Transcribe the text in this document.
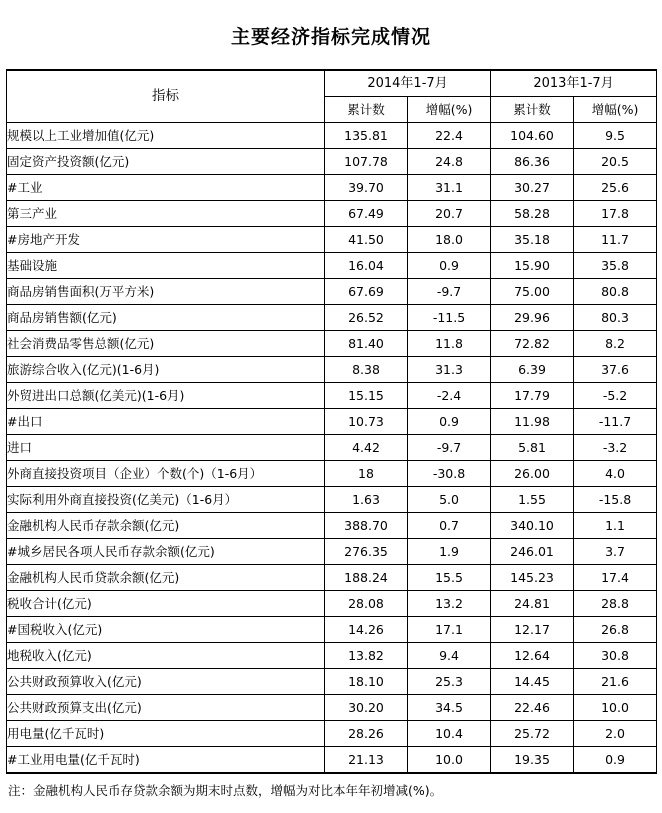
主要经济指标完成情况
指标	2014年1-7月		2013年1-7月	
	累计数	增幅(%)	累计数	增幅(%)
规模以上工业增加值(亿元)	135.81	22.4	104.60	9.5
固定资产投资额(亿元)	107.78	24.8	86.36	20.5
#工业	39.70	31.1	30.27	25.6
第三产业	67.49	20.7	58.28	17.8
#房地产开发	41.50	18.0	35.18	11.7
基础设施	16.04	0.9	15.90	35.8
商品房销售面积(万平方米)	67.69	-9.7	75.00	80.8
商品房销售额(亿元)	26.52	-11.5	29.96	80.3
社会消费品零售总额(亿元)	81.40	11.8	72.82	8.2
旅游综合收入(亿元)(1-6月)	8.38	31.3	6.39	37.6
外贸进出口总额(亿美元)(1-6月)	15.15	-2.4	17.79	-5.2
#出口	10.73	0.9	11.98	-11.7
进口	4.42	-9.7	5.81	-3.2
外商直接投资项目（企业）个数(个)（1-6月）	18	-30.8	26.00	4.0
实际利用外商直接投资(亿美元)（1-6月）	1.63	5.0	1.55	-15.8
金融机构人民币存款余额(亿元)	388.70	0.7	340.10	1.1
#城乡居民各项人民币存款余额(亿元)	276.35	1.9	246.01	3.7
金融机构人民币贷款余额(亿元)	188.24	15.5	145.23	17.4
税收合计(亿元)	28.08	13.2	24.81	28.8
#国税收入(亿元)	14.26	17.1	12.17	26.8
地税收入(亿元)	13.82	9.4	12.64	30.8
公共财政预算收入(亿元)	18.10	25.3	14.45	21.6
公共财政预算支出(亿元)	30.20	34.5	22.46	10.0
用电量(亿千瓦时)	28.26	10.4	25.72	2.0
#工业用电量(亿千瓦时)	21.13	10.0	19.35	0.9
注：金融机构人民币存贷款余额为期末时点数，增幅为对比本年年初增减(%)。
